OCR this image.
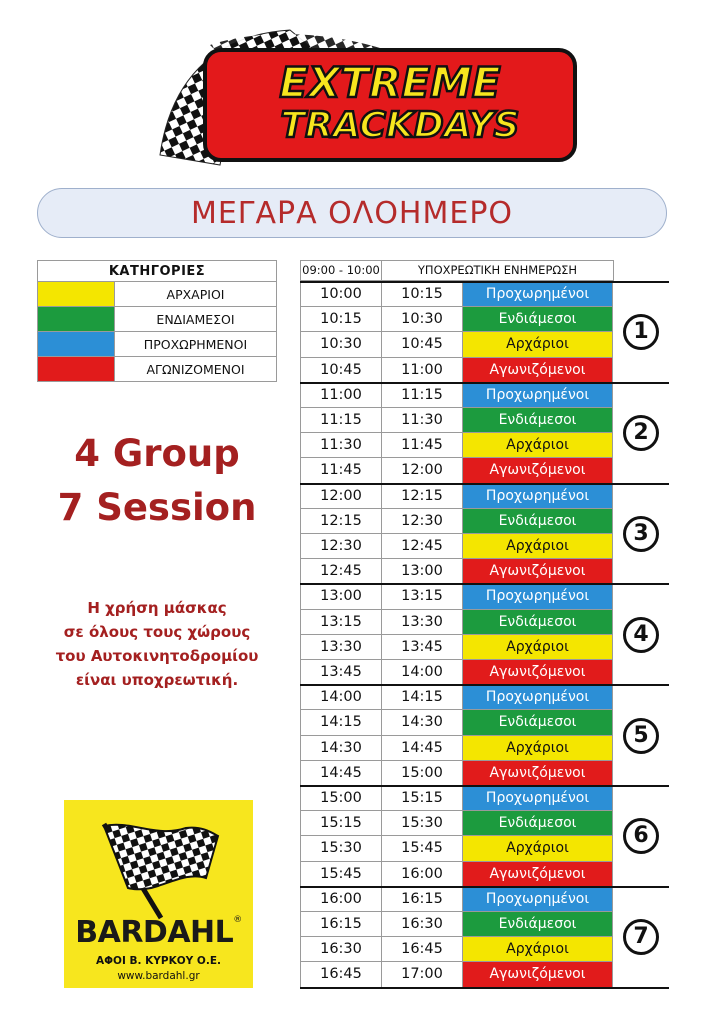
EXTREME
TRACKDAYS
ΜΕΓΑΡΑ ΟΛΟΗΜΕΡΟ
ΚΑΤΗΓΟΡΙΕΣ	
	ΑΡΧΑΡΙΟΙ
	ΕΝΔΙΑΜΕΣΟΙ
	ΠΡΟΧΩΡΗΜΕΝΟΙ
	ΑΓΩΝΙΖΟΜΕΝΟΙ
4 Group
7 Session
Η χρήση μάσκας
σε όλους τους χώρους
του Αυτοκινητοδρομίου
είναι υποχρεωτική.
BARDAHL®
ΑΦΟΙ Β. ΚΥΡΚΟΥ Ο.Ε.
www.bardahl.gr
09:00 - 10:00	ΥΠΟΧΡΕΩΤΙΚΗ ΕΝΗΜΕΡΩΣΗ
10:00	10:15	Προχωρημένοι
10:15	10:30	Ενδιάμεσοι
10:30	10:45	Αρχάριοι
10:45	11:00	Αγωνιζόμενοι
1
11:00	11:15	Προχωρημένοι
11:15	11:30	Ενδιάμεσοι
11:30	11:45	Αρχάριοι
11:45	12:00	Αγωνιζόμενοι
2
12:00	12:15	Προχωρημένοι
12:15	12:30	Ενδιάμεσοι
12:30	12:45	Αρχάριοι
12:45	13:00	Αγωνιζόμενοι
3
13:00	13:15	Προχωρημένοι
13:15	13:30	Ενδιάμεσοι
13:30	13:45	Αρχάριοι
13:45	14:00	Αγωνιζόμενοι
4
14:00	14:15	Προχωρημένοι
14:15	14:30	Ενδιάμεσοι
14:30	14:45	Αρχάριοι
14:45	15:00	Αγωνιζόμενοι
5
15:00	15:15	Προχωρημένοι
15:15	15:30	Ενδιάμεσοι
15:30	15:45	Αρχάριοι
15:45	16:00	Αγωνιζόμενοι
6
16:00	16:15	Προχωρημένοι
16:15	16:30	Ενδιάμεσοι
16:30	16:45	Αρχάριοι
16:45	17:00	Αγωνιζόμενοι
7
